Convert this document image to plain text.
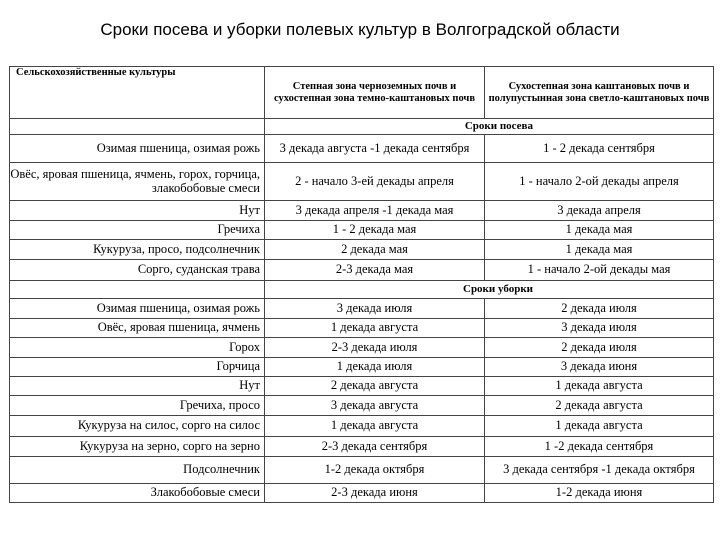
Сроки посева и уборки полевых культур в Волгоградской области
Сельскохозяйственные культуры	Степная зона черноземных почв и сухостепная зона темно-каштановых почв	Сухостепная зона каштановых почв и полупустынная зона светло-каштановых почв
	Сроки посева	
Озимая пшеница, озимая рожь	3 декада августа -1 декада сентября	1 - 2 декада сентября
Овёс, яровая пшеница, ячмень, горох, горчица, злакобобовые смеси	2 - начало 3-ей декады апреля	1 - начало 2-ой декады апреля
Нут	3 декада апреля -1 декада мая	3 декада апреля
Гречиха	1 - 2 декада мая	1 декада мая
Кукуруза, просо, подсолнечник	2 декада мая	1 декада мая
Сорго, суданская трава	2-3 декада мая	1 - начало 2-ой декады мая
	Сроки уборки	
Озимая пшеница, озимая рожь	3 декада июля	2 декада июля
Овёс, яровая пшеница, ячмень	1 декада августа	3 декада июля
Горох	2-3 декада июля	2 декада июля
Горчица	1 декада июля	3 декада июня
Нут	2 декада августа	1 декада августа
Гречиха, просо	3 декада августа	2 декада августа
Кукуруза на силос, сорго на силос	1 декада августа	1 декада августа
Кукуруза на зерно, сорго на зерно	2-3 декада сентября	1 -2 декада сентября
Подсолнечник	1-2 декада октября	3 декада сентября -1 декада октября
Злакобобовые смеси	2-3 декада июня	1-2 декада июня
